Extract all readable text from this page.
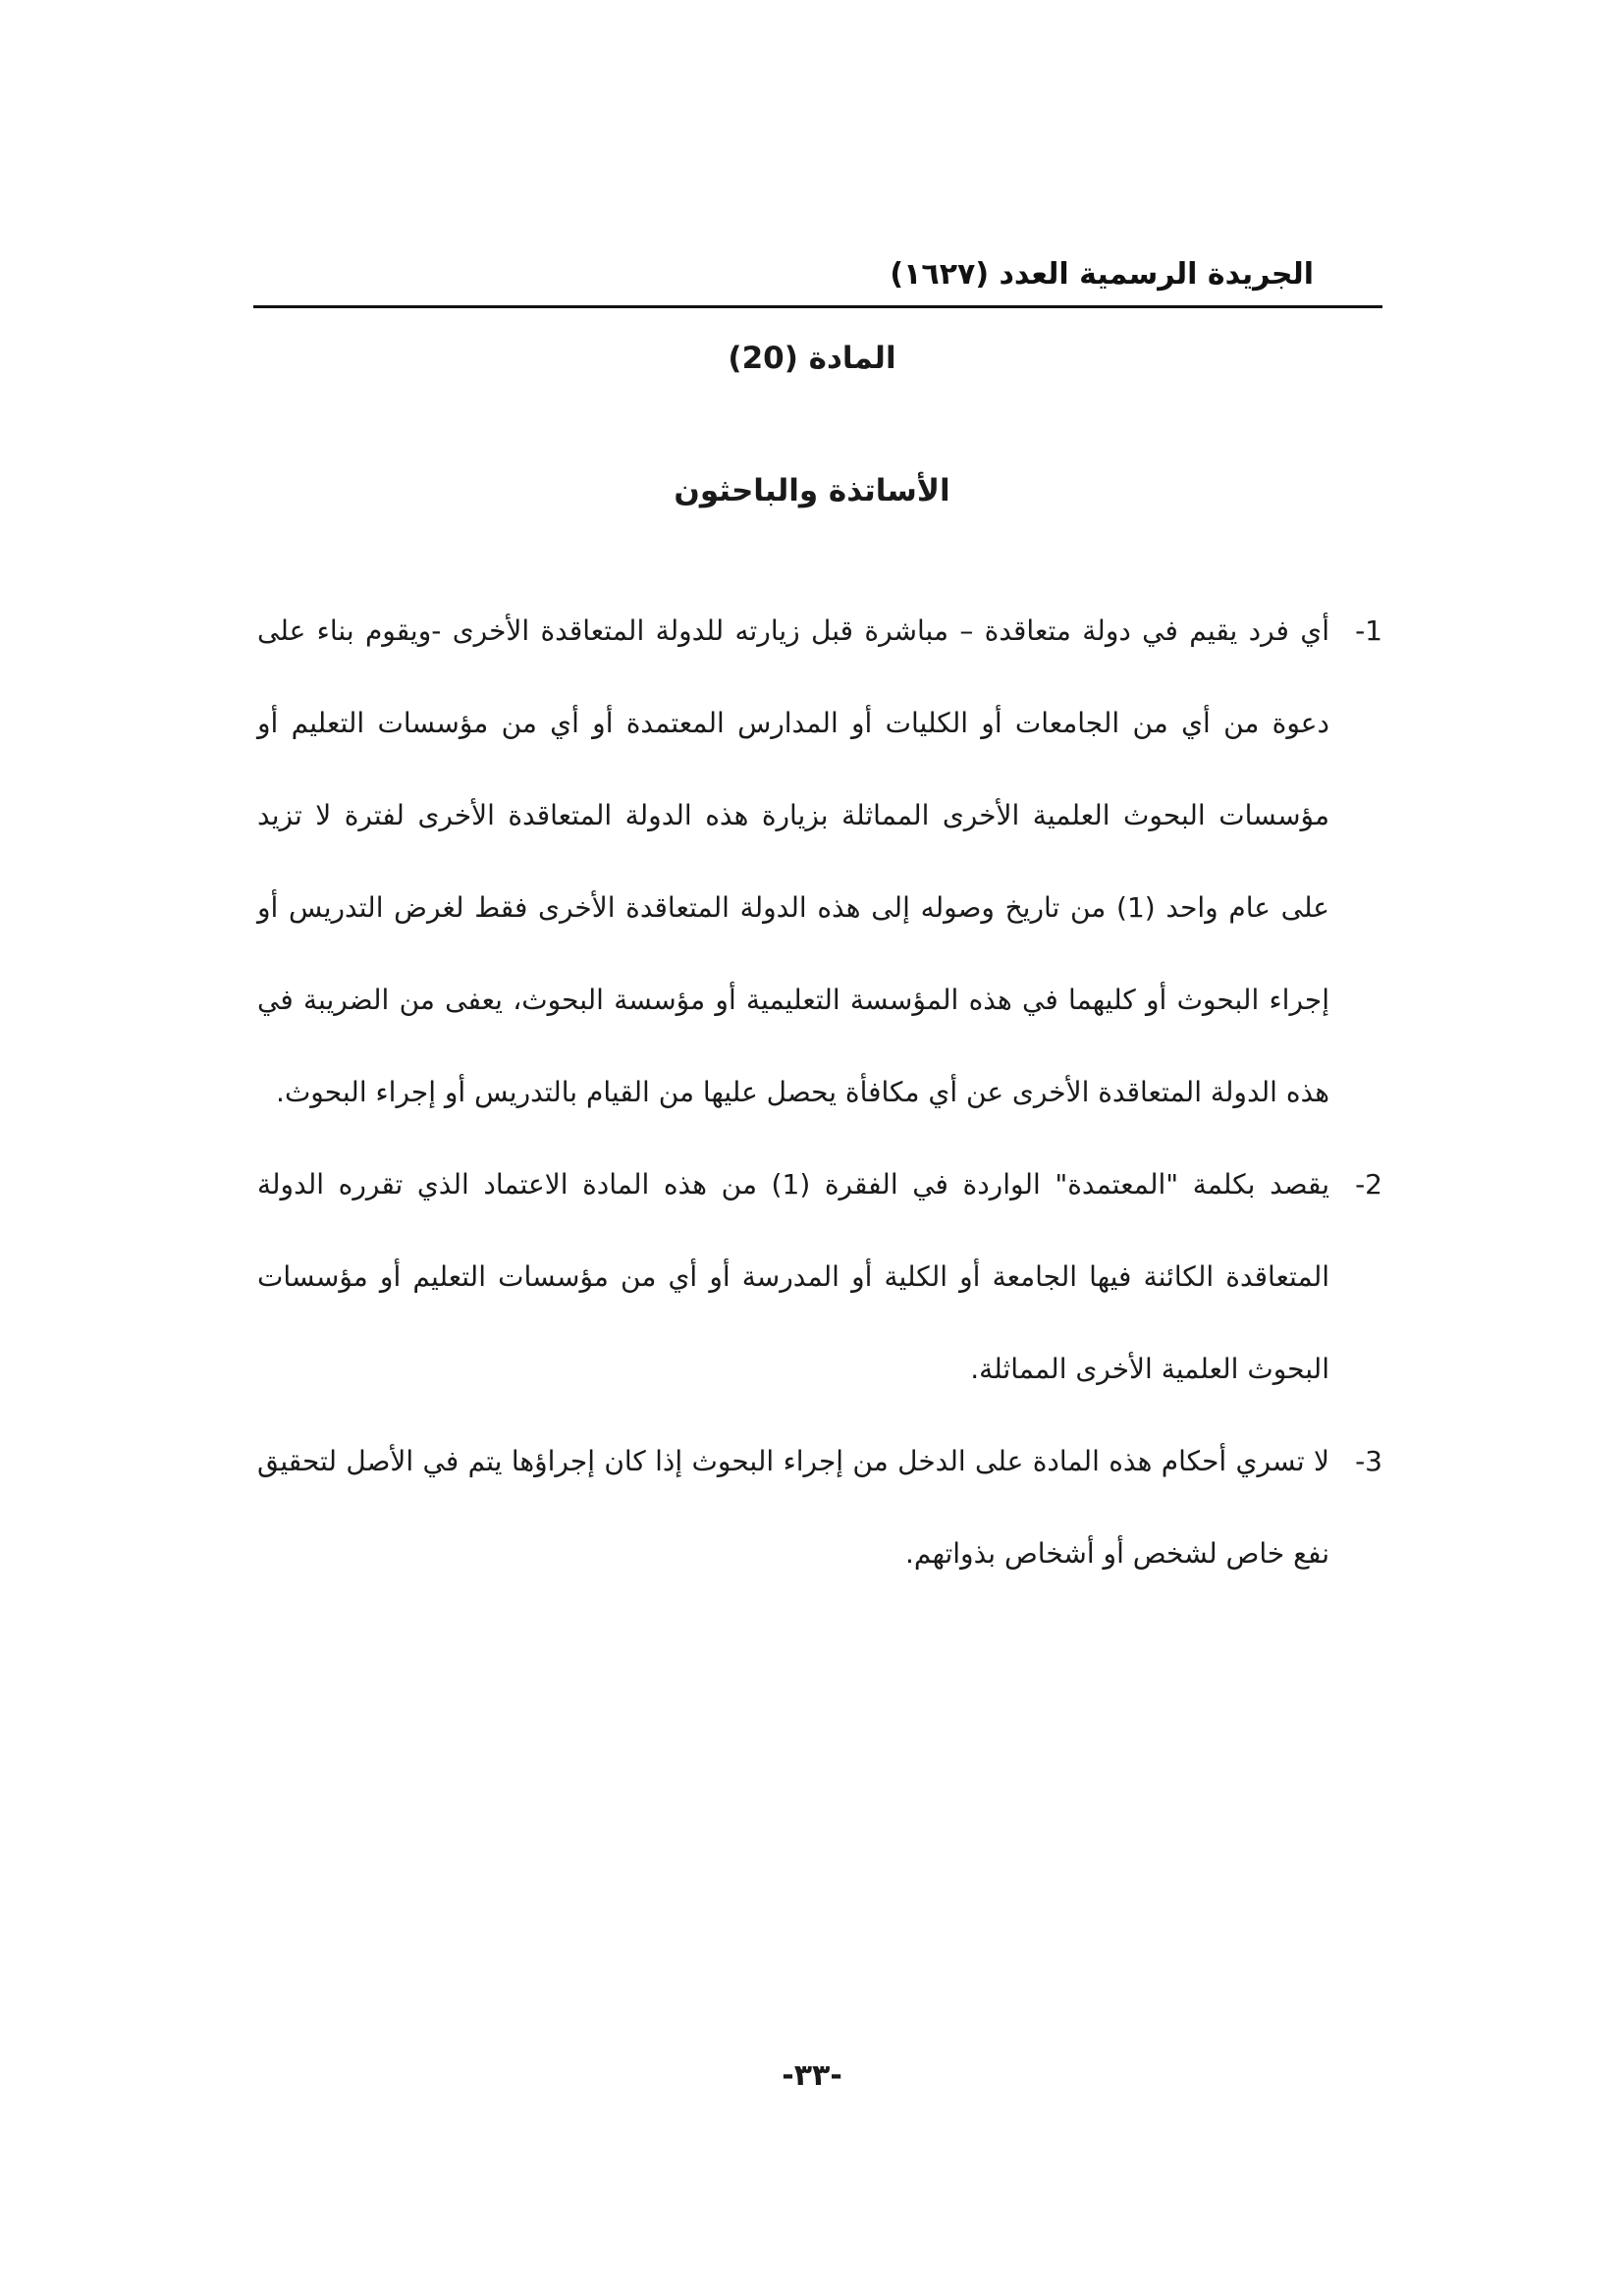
الجريدة الرسمية العدد (١٦٢٧)
المادة (20)
الأساتذة والباحثون
-1
أي فرد يقيم في دولة متعاقدة – مباشرة قبل زيارته للدولة المتعاقدة الأخرى -ويقوم بناء على دعوة من أي من الجامعات أو الكليات أو المدارس المعتمدة أو أي من مؤسسات التعليم أو مؤسسات البحوث العلمية الأخرى المماثلة بزيارة هذه الدولة المتعاقدة الأخرى لفترة لا تزيد على عام واحد (1) من تاريخ وصوله إلى هذه الدولة المتعاقدة الأخرى فقط لغرض التدريس أو إجراء البحوث أو كليهما في هذه المؤسسة التعليمية أو مؤسسة البحوث، يعفى من الضريبة في هذه الدولة المتعاقدة الأخرى عن أي مكافأة يحصل عليها من القيام بالتدريس أو إجراء البحوث.
-2
يقصد بكلمة "المعتمدة" الواردة في الفقرة (1) من هذه المادة الاعتماد الذي تقرره الدولة المتعاقدة الكائنة فيها الجامعة أو الكلية أو المدرسة أو أي من مؤسسات التعليم أو مؤسسات البحوث العلمية الأخرى المماثلة.
-3
لا تسري أحكام هذه المادة على الدخل من إجراء البحوث إذا كان إجراؤها يتم في الأصل لتحقيق نفع خاص لشخص أو أشخاص بذواتهم.
-٣٣-
